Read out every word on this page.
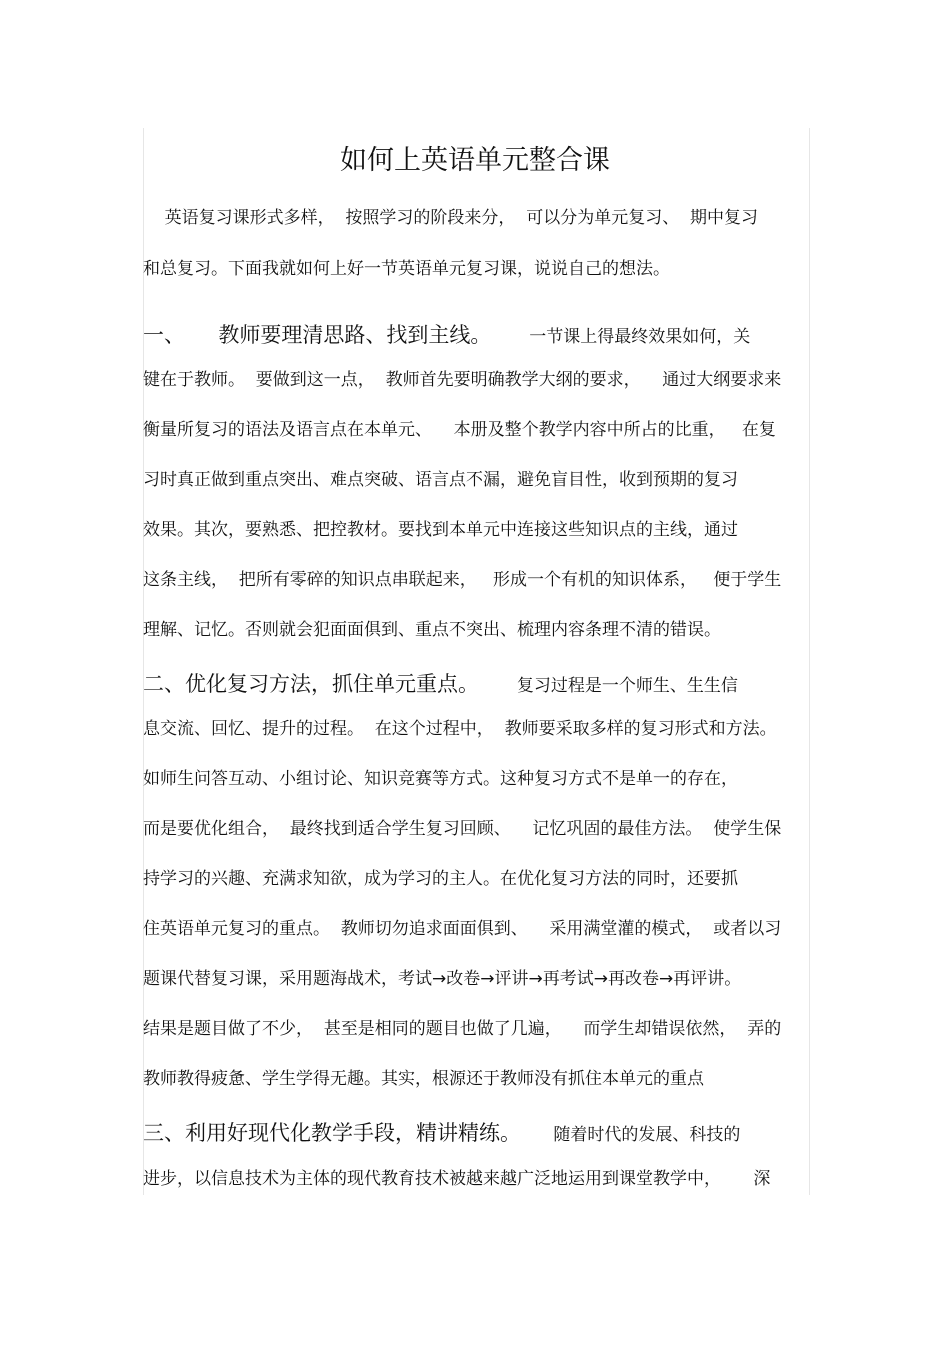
如何上英语单元整合课
英语复习课形式多样，  按照学习的阶段来分，  可以分为单元复习、  期中复习
和总复习。下面我就如何上好一节英语单元复习课，说说自己的想法。
一、     教师要理清思路、找到主线。       一节课上得最终效果如何，关
键在于教师。  要做到这一点，  教师首先要明确教学大纲的要求，    通过大纲要求来
衡量所复习的语法及语言点在本单元、    本册及整个教学内容中所占的比重，   在复
习时真正做到重点突出、难点突破、语言点不漏，避免盲目性，收到预期的复习
效果。其次，要熟悉、把控教材。要找到本单元中连接这些知识点的主线，通过
这条主线，  把所有零碎的知识点串联起来，   形成一个有机的知识体系，   便于学生
理解、记忆。否则就会犯面面俱到、重点不突出、梳理内容条理不清的错误。
二、优化复习方法，抓住单元重点。       复习过程是一个师生、生生信
息交流、回忆、提升的过程。  在这个过程中，  教师要采取多样的复习形式和方法。
如师生问答互动、小组讨论、知识竞赛等方式。这种复习方式不是单一的存在，
而是要优化组合，  最终找到适合学生复习回顾、    记忆巩固的最佳方法。  使学生保
持学习的兴趣、充满求知欲，成为学习的主人。在优化复习方法的同时，还要抓
住英语单元复习的重点。  教师切勿追求面面俱到、    采用满堂灌的模式，  或者以习
题课代替复习课，采用题海战术，考试→改卷→评讲→再考试→再改卷→再评讲。
结果是题目做了不少，  甚至是相同的题目也做了几遍，    而学生却错误依然，  弄的
教师教得疲惫、学生学得无趣。其实，根源还于教师没有抓住本单元的重点
三、利用好现代化教学手段，精讲精练。      随着时代的发展、科技的
进步，以信息技术为主体的现代教育技术被越来越广泛地运用到课堂教学中，      深
